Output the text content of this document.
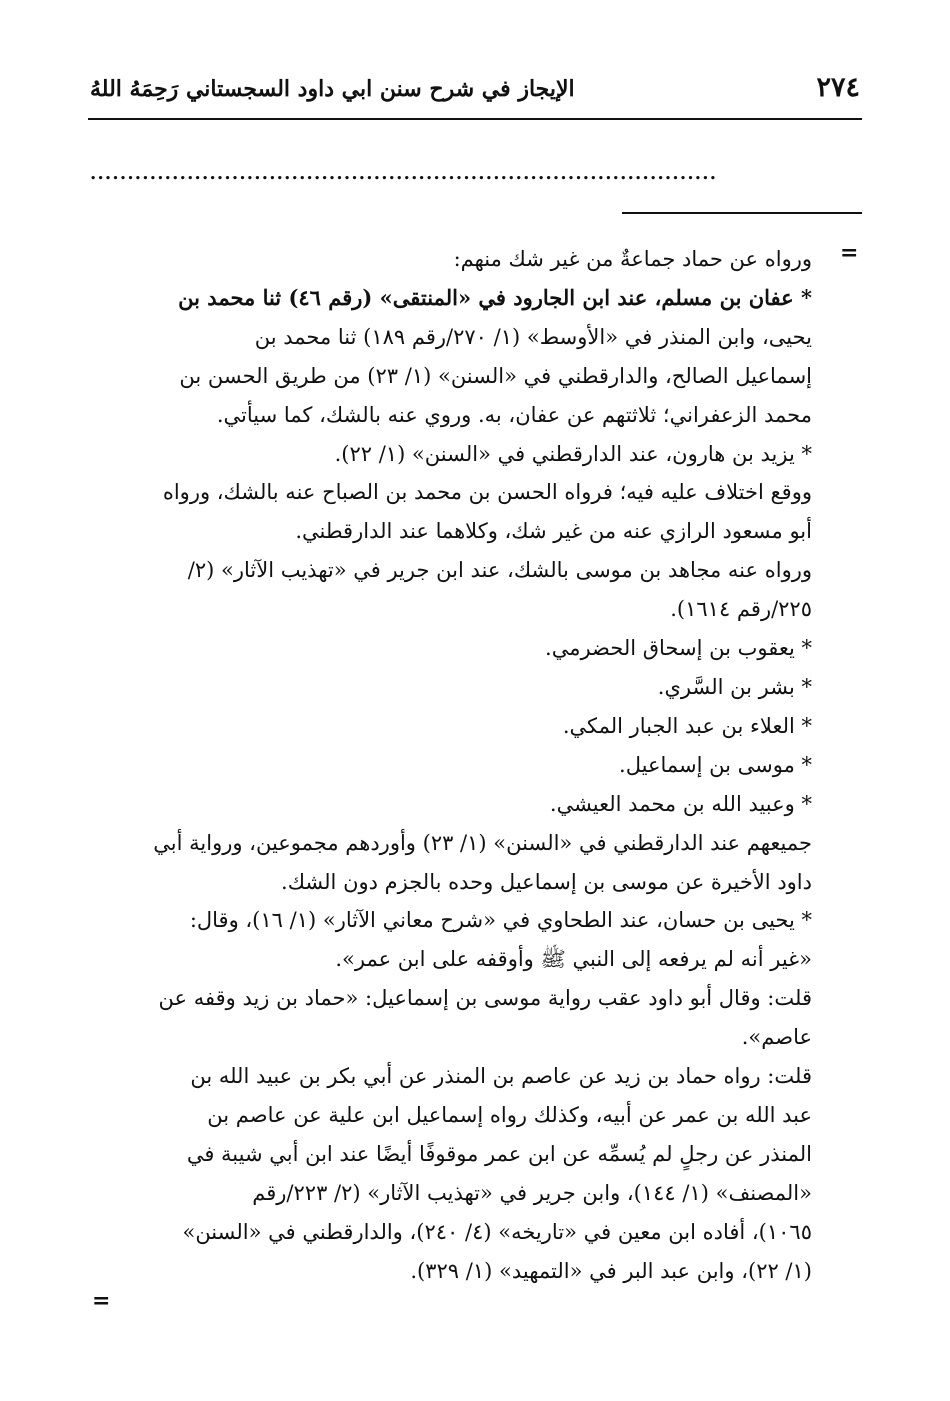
٢٧٤
الإيجاز في شرح سنن ابي داود السجستاني رَحِمَهُ اللهُ
....................................................................................
=
ورواه عن حماد جماعةٌ من غير شك منهم:
* عفان بن مسلم، عند ابن الجارود في «المنتقى» (رقم ٤٦) ثنا محمد بن
يحيى، وابن المنذر في «الأوسط» (١/ ٢٧٠/رقم ١٨٩) ثنا محمد بن
إسماعيل الصالح، والدارقطني في «السنن» (١/ ٢٣) من طريق الحسن بن
محمد الزعفراني؛ ثلاثتهم عن عفان، به. وروي عنه بالشك، كما سيأتي.
* يزيد بن هارون، عند الدارقطني في «السنن» (١/ ٢٢).
ووقع اختلاف عليه فيه؛ فرواه الحسن بن محمد بن الصباح عنه بالشك، ورواه
أبو مسعود الرازي عنه من غير شك، وكلاهما عند الدارقطني.
ورواه عنه مجاهد بن موسى بالشك، عند ابن جرير في «تهذيب الآثار» (٢/
٢٢٥/رقم ١٦١٤).
* يعقوب بن إسحاق الحضرمي.
* بشر بن السَّري.
* العلاء بن عبد الجبار المكي.
* موسى بن إسماعيل.
* وعبيد الله بن محمد العيشي.
جميعهم عند الدارقطني في «السنن» (١/ ٢٣) وأوردهم مجموعين، ورواية أبي
داود الأخيرة عن موسى بن إسماعيل وحده بالجزم دون الشك.
* يحيى بن حسان، عند الطحاوي في «شرح معاني الآثار» (١/ ١٦)، وقال:
«غير أنه لم يرفعه إلى النبي ﷺ وأوقفه على ابن عمر».
قلت: وقال أبو داود عقب رواية موسى بن إسماعيل: «حماد بن زيد وقفه عن
عاصم».
قلت: رواه حماد بن زيد عن عاصم بن المنذر عن أبي بكر بن عبيد الله بن
عبد الله بن عمر عن أبيه، وكذلك رواه إسماعيل ابن علية عن عاصم بن
المنذر عن رجلٍ لم يُسمِّه عن ابن عمر موقوفًا أيضًا عند ابن أبي شيبة في
«المصنف» (١/ ١٤٤)، وابن جرير في «تهذيب الآثار» (٢/ ٢٢٣/رقم
١٠٦٥)، أفاده ابن معين في «تاريخه» (٤/ ٢٤٠)، والدارقطني في «السنن»
(١/ ٢٢)، وابن عبد البر في «التمهيد» (١/ ٣٢٩).
=
